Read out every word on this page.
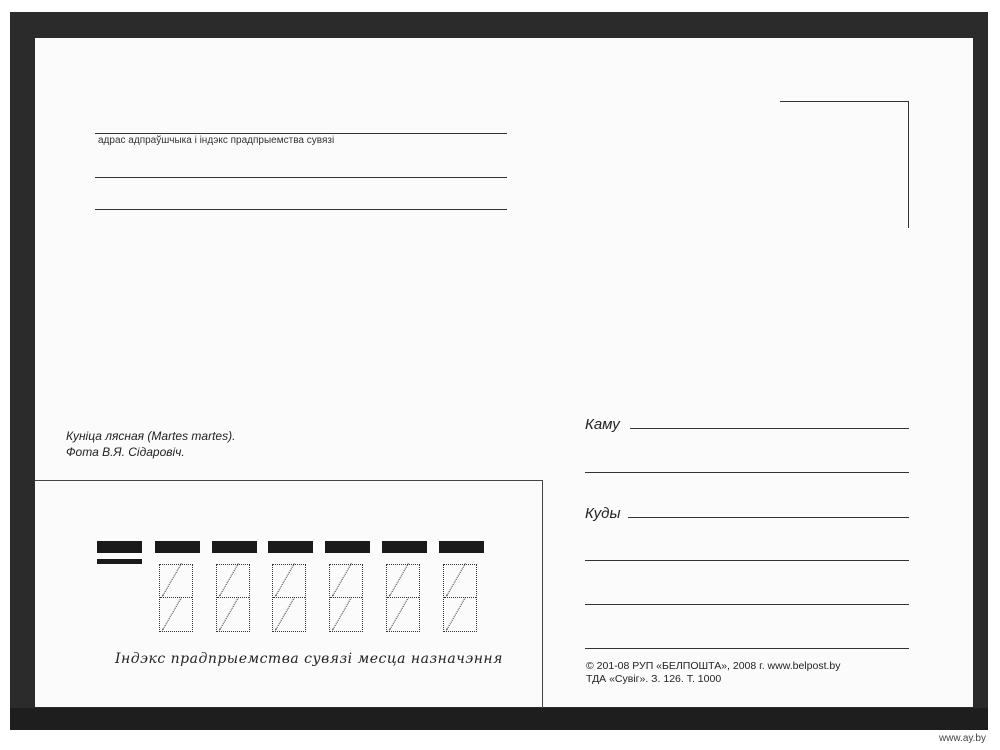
адрас адпраўшчыка і індэкс прадпрыемства сувязі
Куніца лясная (Martes martes).
Фота В.Я. Сідаровіч.
Індэкс прадпрыемства сувязі месца назначэння
Каму
Куды
© 201-08 РУП «БЕЛПОШТА», 2008 г. www.belpost.by
ТДА «Сувіг». З. 126. Т. 1000
www.ay.by
